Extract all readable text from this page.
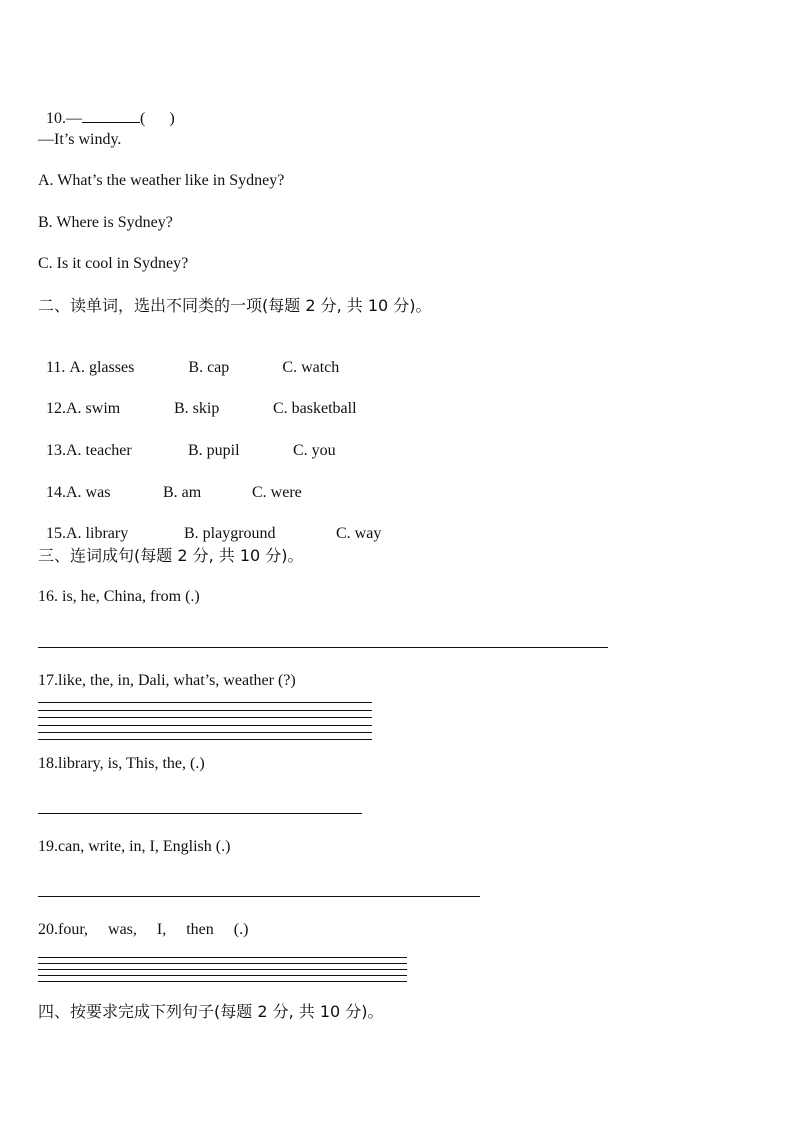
10.—	(      )

—It’s windy.
A. What’s the weather like in Sydney?
B. Where is Sydney?
C. Is it cool in Sydney?
二、读单词，选出不同类的一项(每题 2 分, 共 10 分)。

11. A. glasses	B. cap	C. watch

12.A. swim	B. skip	C. basketball

13.A. teacher	B. pupil	C. you

14.A. was	B. am	C. were

15.A. library	B. playground	C. way

三、连词成句(每题 2 分, 共 10 分)。
16. is, he, China, from (.)
17.like, the, in, Dali, what’s, weather (?)
18.library, is, This, the, (.)
19.can, write, in, I, English (.)
20.four,     was,     I,     then     (.)
四、按要求完成下列句子(每题 2 分, 共 10 分)。
